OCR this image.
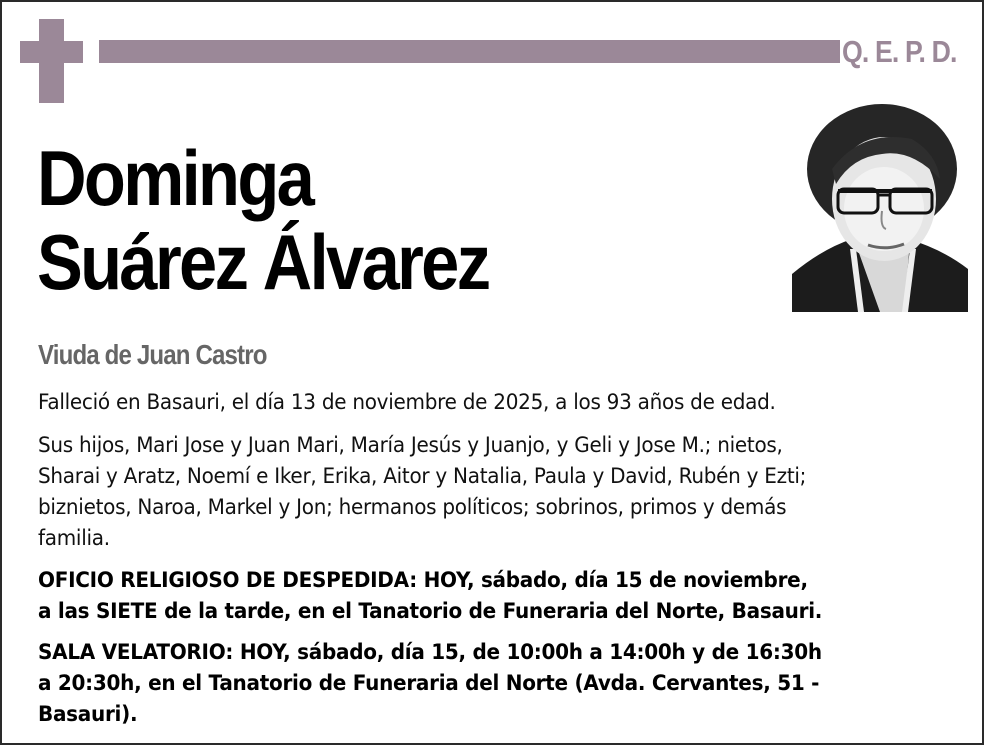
Q. E. P. D.
Dominga
Suárez Álvarez
Viuda de Juan Castro
Falleció en Basauri, el día 13 de noviembre de 2025, a los 93 años de edad.
Sus hijos, Mari Jose y Juan Mari, María Jesús y Juanjo, y Geli y Jose M.; nietos,
Sharai y Aratz, Noemí e Iker, Erika, Aitor y Natalia, Paula y David, Rubén y Ezti;
biznietos, Naroa, Markel y Jon; hermanos políticos; sobrinos, primos y demás
familia.
OFICIO RELIGIOSO DE DESPEDIDA: HOY, sábado, día 15 de noviembre,
a las SIETE de la tarde, en el Tanatorio de Funeraria del Norte, Basauri.
SALA VELATORIO: HOY, sábado, día 15, de 10:00h a 14:00h y de 16:30h
a 20:30h, en el Tanatorio de Funeraria del Norte (Avda. Cervantes, 51 -
Basauri).
